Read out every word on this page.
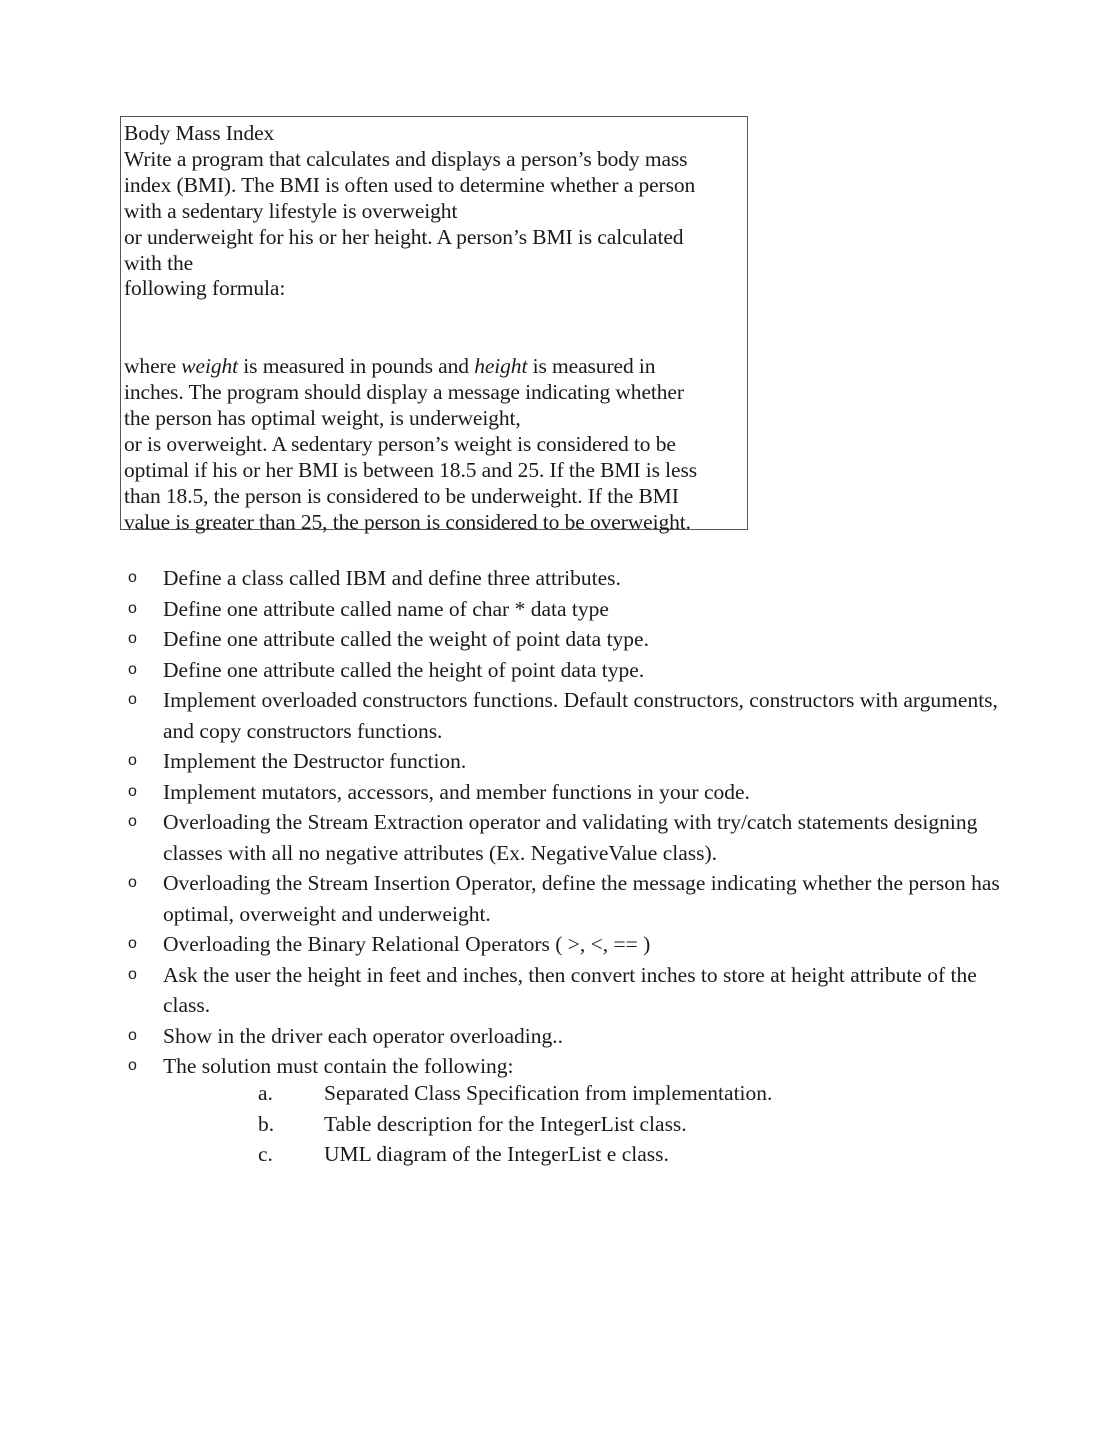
Body Mass Index
Write a program that calculates and displays a person’s body mass
index (BMI). The BMI is often used to determine whether a person
with a sedentary lifestyle is overweight
or underweight for his or her height. A person’s BMI is calculated
with the
following formula:
where weight is measured in pounds and height is measured in
inches. The program should display a message indicating whether
the person has optimal weight, is underweight,
or is overweight. A sedentary person’s weight is considered to be
optimal if his or her BMI is between 18.5 and 25. If the BMI is less
than 18.5, the person is considered to be underweight. If the BMI
value is greater than 25, the person is considered to be overweight.
o Define a class called IBM and define three attributes.
o Define one attribute called name of char * data type
o Define one attribute called the weight of point data type.
o Define one attribute called the height of point data type.
o Implement overloaded constructors functions. Default constructors, constructors with arguments, and copy constructors functions.
o Implement the Destructor function.
o Implement mutators, accessors, and member functions in your code.
o Overloading the Stream Extraction operator and validating with try/catch statements designing classes with all no negative attributes (Ex. NegativeValue class).
o Overloading the Stream Insertion Operator, define the message indicating whether the person has optimal, overweight and underweight.
o Overloading the Binary Relational Operators ( >, <, == )
o Ask the user the height in feet and inches, then convert inches to store at height attribute of the class.
o Show in the driver each operator overloading..
o The solution must contain the following:
a. Separated Class Specification from implementation.
b. Table description for the IntegerList class.
c. UML diagram of the IntegerList e class.
